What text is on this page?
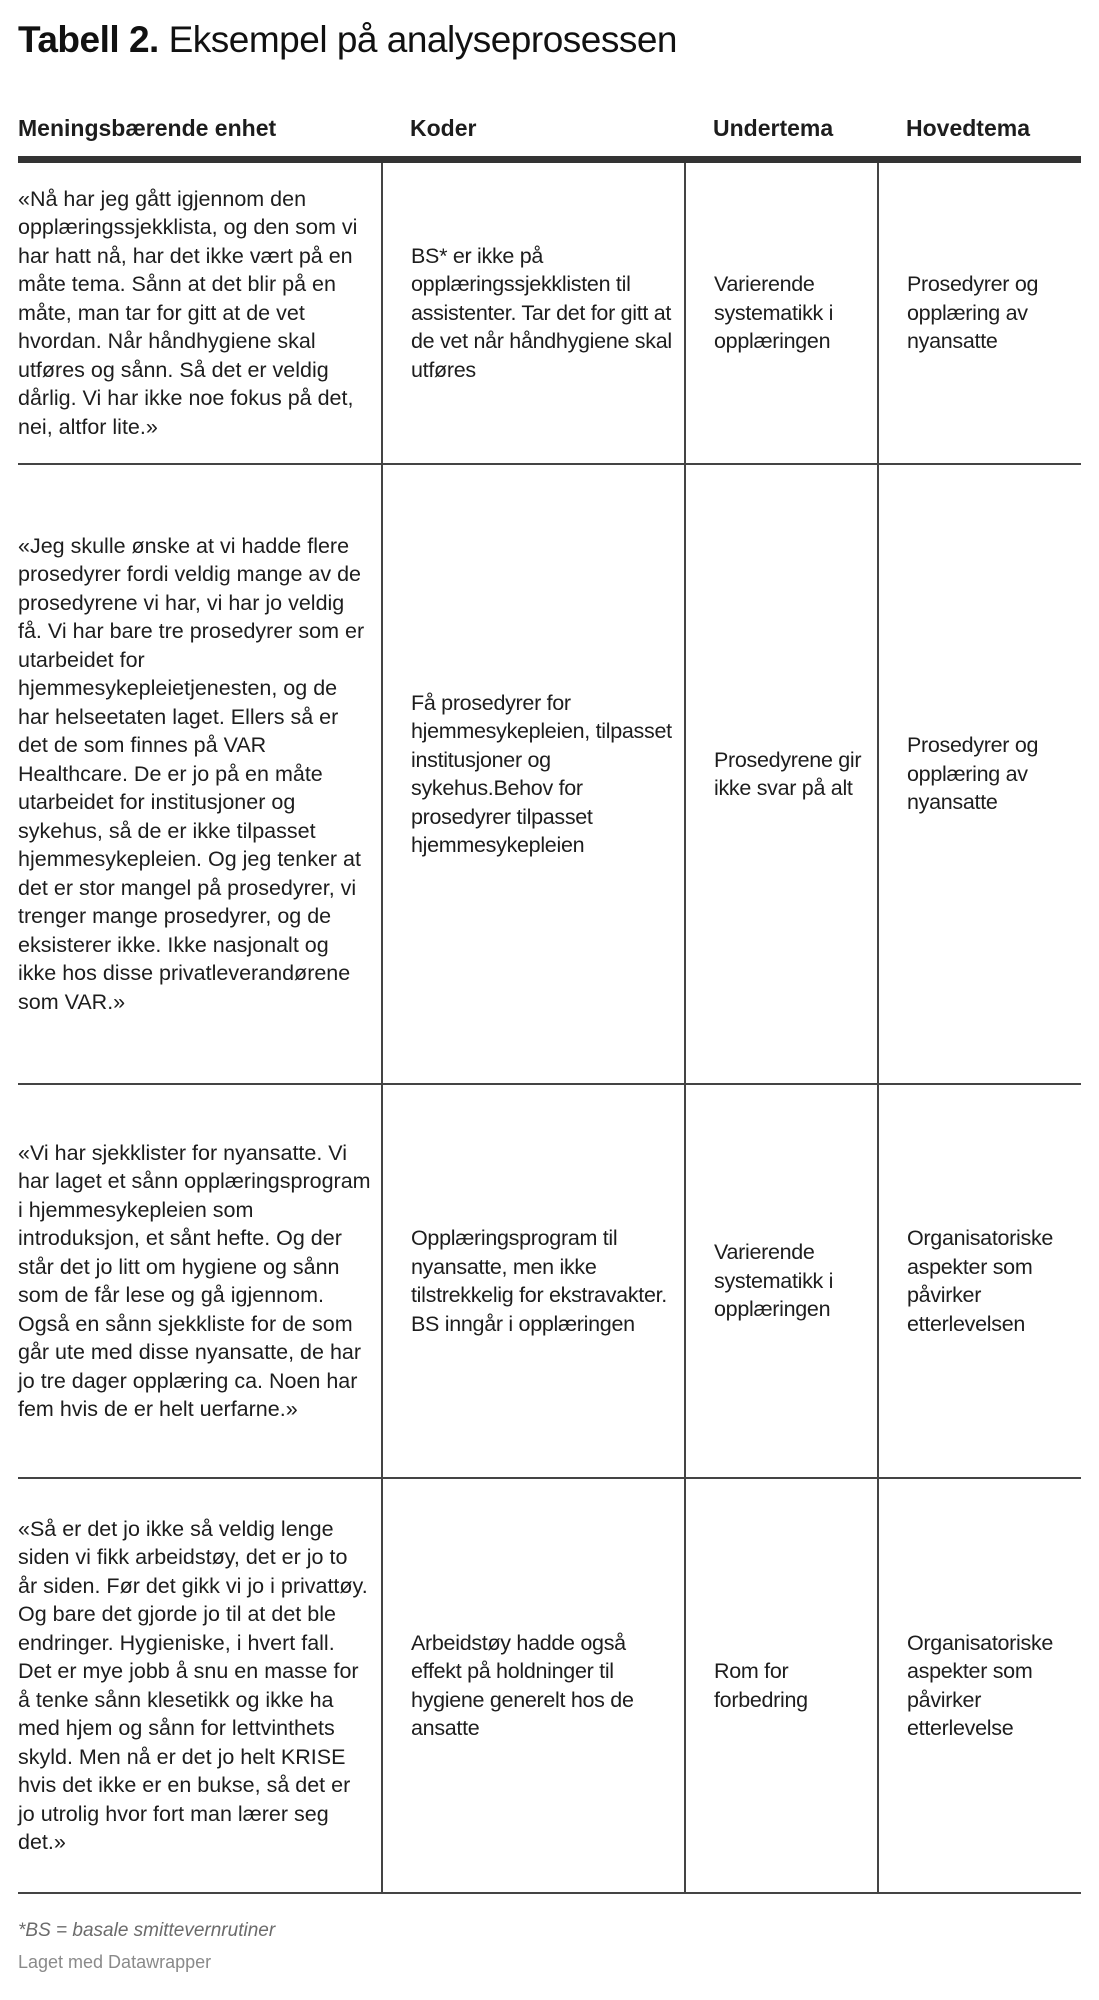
Tabell 2. Eksempel på analyseprosessen
Meningsbærende enhet	Koder	Undertema	Hovedtema
«Nå har jeg gått igjennom den opplæringssjekklista, og den som vi har hatt nå, har det ikke vært på en måte tema. Sånn at det blir på en måte, man tar for gitt at de vet hvordan. Når håndhygiene skal utføres og sånn. Så det er veldig dårlig. Vi har ikke noe fokus på det, nei, altfor lite.»	BS* er ikke på opplæringssjekklisten til assistenter. Tar det for gitt at de vet når håndhygiene skal utføres	Varierende systematikk i opplæringen	Prosedyrer og opplæring av nyansatte
«Jeg skulle ønske at vi hadde flere prosedyrer fordi veldig mange av de prosedyrene vi har, vi har jo veldig få. Vi har bare tre prosedyrer som er utarbeidet for hjemmesykepleietjenesten, og de har helseetaten laget. Ellers så er det de som finnes på VAR Healthcare. De er jo på en måte utarbeidet for institusjoner og sykehus, så de er ikke tilpasset hjemmesykepleien. Og jeg tenker at det er stor mangel på prosedyrer, vi trenger mange prosedyrer, og de eksisterer ikke. Ikke nasjonalt og ikke hos disse privatleverandørene som VAR.»	Få prosedyrer for hjemmesykepleien, tilpasset institusjoner og sykehus.Behov for prosedyrer tilpasset hjemmesykepleien	Prosedyrene gir ikke svar på alt	Prosedyrer og opplæring av nyansatte
«Vi har sjekklister for nyansatte. Vi har laget et sånn opplæringsprogram i hjemmesykepleien som introduksjon, et sånt hefte. Og der står det jo litt om hygiene og sånn som de får lese og gå igjennom. Også en sånn sjekkliste for de som går ute med disse nyansatte, de har jo tre dager opplæring ca. Noen har fem hvis de er helt uerfarne.»	Opplæringsprogram til nyansatte, men ikke tilstrekkelig for ekstravakter. BS inngår i opplæringen	Varierende systematikk i opplæringen	Organisatoriske aspekter som påvirker etterlevelsen
«Så er det jo ikke så veldig lenge siden vi fikk arbeidstøy, det er jo to år siden. Før det gikk vi jo i privattøy. Og bare det gjorde jo til at det ble endringer. Hygieniske, i hvert fall. Det er mye jobb å snu en masse for å tenke sånn klesetikk og ikke ha med hjem og sånn for lettvinthets skyld. Men nå er det jo helt KRISE hvis det ikke er en bukse, så det er jo utrolig hvor fort man lærer seg det.»	Arbeidstøy hadde også effekt på holdninger til hygiene generelt hos de ansatte	Rom for forbedring	Organisatoriske aspekter som påvirker etterlevelse

*BS = basale smittevernrutiner

Laget med Datawrapper
